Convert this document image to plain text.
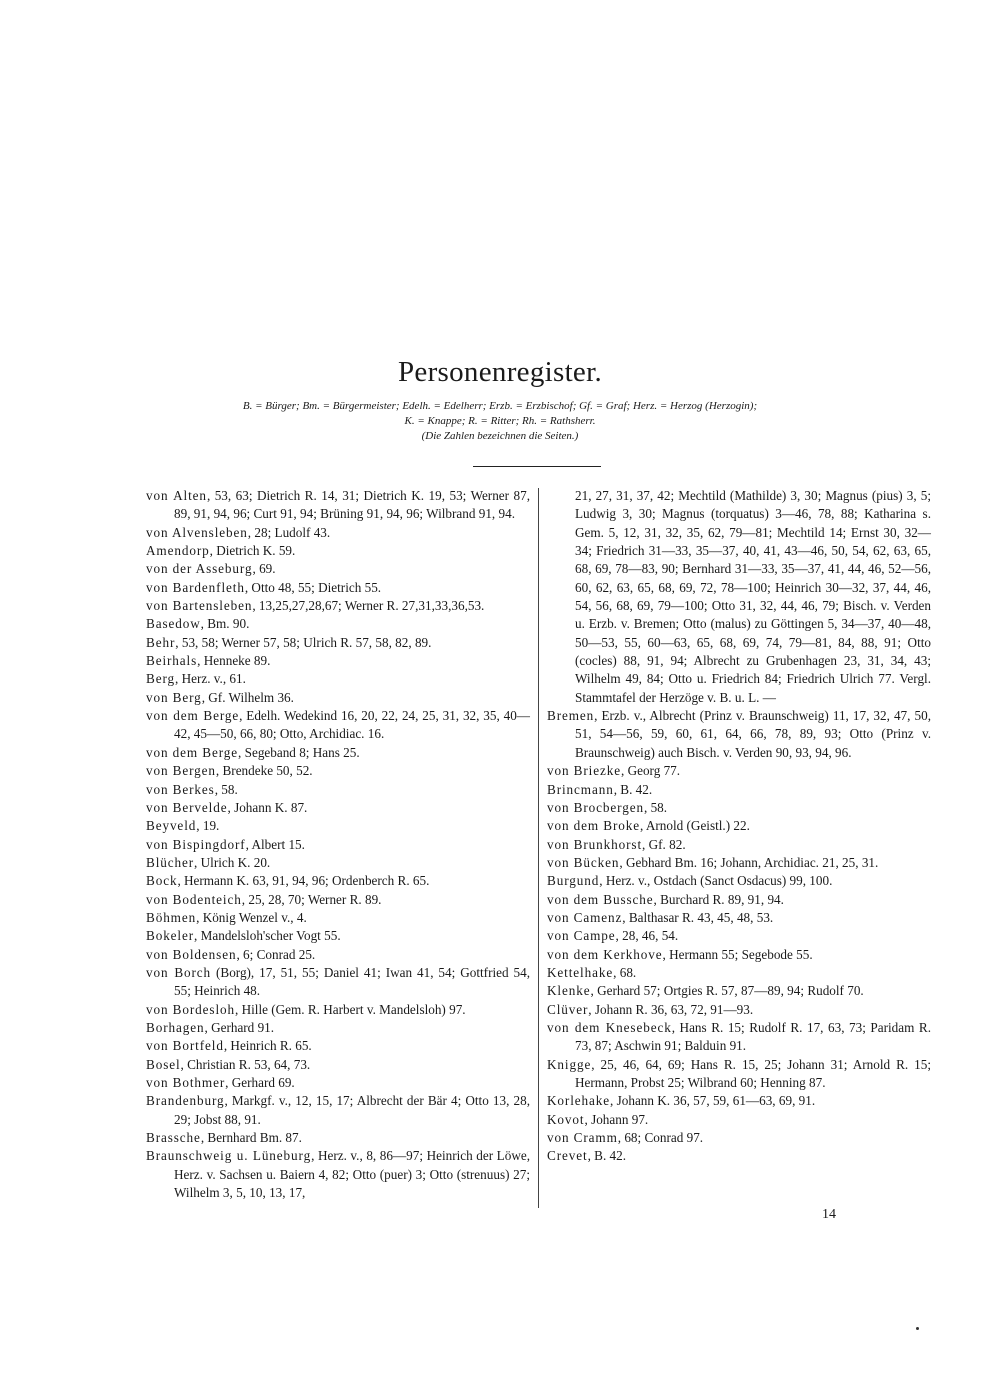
Personenregister.
B. = Bürger; Bm. = Bürgermeister; Edelh. = Edelherr; Erzb. = Erzbischof; Gf. = Graf; Herz. = Herzog (Herzogin);
K. = Knappe; R. = Ritter; Rh. = Rathsherr.
(Die Zahlen bezeichnen die Seiten.)
von Alten, 53, 63; Dietrich R. 14, 31; Dietrich K. 19, 53; Werner 87, 89, 91, 94, 96; Curt 91, 94; Brüning 91, 94, 96; Wilbrand 91, 94.
von Alvensleben, 28; Ludolf 43.
Amendorp, Dietrich K. 59.
von der Asseburg, 69.
von Bardenfleth, Otto 48, 55; Dietrich 55.
von Bartensleben, 13,25,27,28,67; Werner R. 27,31,33,36,53.
Basedow, Bm. 90.
Behr, 53, 58; Werner 57, 58; Ulrich R. 57, 58, 82, 89.
Beirhals, Henneke 89.
Berg, Herz. v., 61.
von Berg, Gf. Wilhelm 36.
von dem Berge, Edelh. Wedekind 16, 20, 22, 24, 25, 31, 32, 35, 40—42, 45—50, 66, 80; Otto, Archidiac. 16.
von dem Berge, Segeband 8; Hans 25.
von Bergen, Brendeke 50, 52.
von Berkes, 58.
von Bervelde, Johann K. 87.
Beyveld, 19.
von Bispingdorf, Albert 15.
Blücher, Ulrich K. 20.
Bock, Hermann K. 63, 91, 94, 96; Ordenberch R. 65.
von Bodenteich, 25, 28, 70; Werner R. 89.
Böhmen, König Wenzel v., 4.
Bokeler, Mandelsloh'scher Vogt 55.
von Boldensen, 6; Conrad 25.
von Borch (Borg), 17, 51, 55; Daniel 41; Iwan 41, 54; Gottfried 54, 55; Heinrich 48.
von Bordesloh, Hille (Gem. R. Harbert v. Mandelsloh) 97.
Borhagen, Gerhard 91.
von Bortfeld, Heinrich R. 65.
Bosel, Christian R. 53, 64, 73.
von Bothmer, Gerhard 69.
Brandenburg, Markgf. v., 12, 15, 17; Albrecht der Bär 4; Otto 13, 28, 29; Jobst 88, 91.
Brassche, Bernhard Bm. 87.
Braunschweig u. Lüneburg, Herz. v., 8, 86—97; Heinrich der Löwe, Herz. v. Sachsen u. Baiern 4, 82; Otto (puer) 3; Otto (strenuus) 27; Wilhelm 3, 5, 10, 13, 17,
21, 27, 31, 37, 42; Mechtild (Mathilde) 3, 30; Magnus (pius) 3, 5; Ludwig 3, 30; Magnus (torquatus) 3—46, 78, 88; Katharina s. Gem. 5, 12, 31, 32, 35, 62, 79—81; Mechtild 14; Ernst 30, 32—34; Friedrich 31—33, 35—37, 40, 41, 43—46, 50, 54, 62, 63, 65, 68, 69, 78—83, 90; Bernhard 31—33, 35—37, 41, 44, 46, 52—56, 60, 62, 63, 65, 68, 69, 72, 78—100; Heinrich 30—32, 37, 44, 46, 54, 56, 68, 69, 79—100; Otto 31, 32, 44, 46, 79; Bisch. v. Verden u. Erzb. v. Bremen; Otto (malus) zu Göttingen 5, 34—37, 40—48, 50—53, 55, 60—63, 65, 68, 69, 74, 79—81, 84, 88, 91; Otto (cocles) 88, 91, 94; Albrecht zu Grubenhagen 23, 31, 34, 43; Wilhelm 49, 84; Otto u. Friedrich 84; Friedrich Ulrich 77. Vergl. Stammtafel der Herzöge v. B. u. L. —
Bremen, Erzb. v., Albrecht (Prinz v. Braunschweig) 11, 17, 32, 47, 50, 51, 54—56, 59, 60, 61, 64, 66, 78, 89, 93; Otto (Prinz v. Braunschweig) auch Bisch. v. Verden 90, 93, 94, 96.
von Briezke, Georg 77.
Brincmann, B. 42.
von Brocbergen, 58.
von dem Broke, Arnold (Geistl.) 22.
von Brunkhorst, Gf. 82.
von Bücken, Gebhard Bm. 16; Johann, Archidiac. 21, 25, 31.
Burgund, Herz. v., Ostdach (Sanct Osdacus) 99, 100.
von dem Bussche, Burchard R. 89, 91, 94.
von Camenz, Balthasar R. 43, 45, 48, 53.
von Campe, 28, 46, 54.
von dem Kerkhove, Hermann 55; Segebode 55.
Kettelhake, 68.
Klenke, Gerhard 57; Ortgies R. 57, 87—89, 94; Rudolf 70.
Clüver, Johann R. 36, 63, 72, 91—93.
von dem Knesebeck, Hans R. 15; Rudolf R. 17, 63, 73; Paridam R. 73, 87; Aschwin 91; Balduin 91.
Knigge, 25, 46, 64, 69; Hans R. 15, 25; Johann 31; Arnold R. 15; Hermann, Probst 25; Wilbrand 60; Henning 87.
Korlehake, Johann K. 36, 57, 59, 61—63, 69, 91.
Kovot, Johann 97.
von Cramm, 68; Conrad 97.
Crevet, B. 42.
14
